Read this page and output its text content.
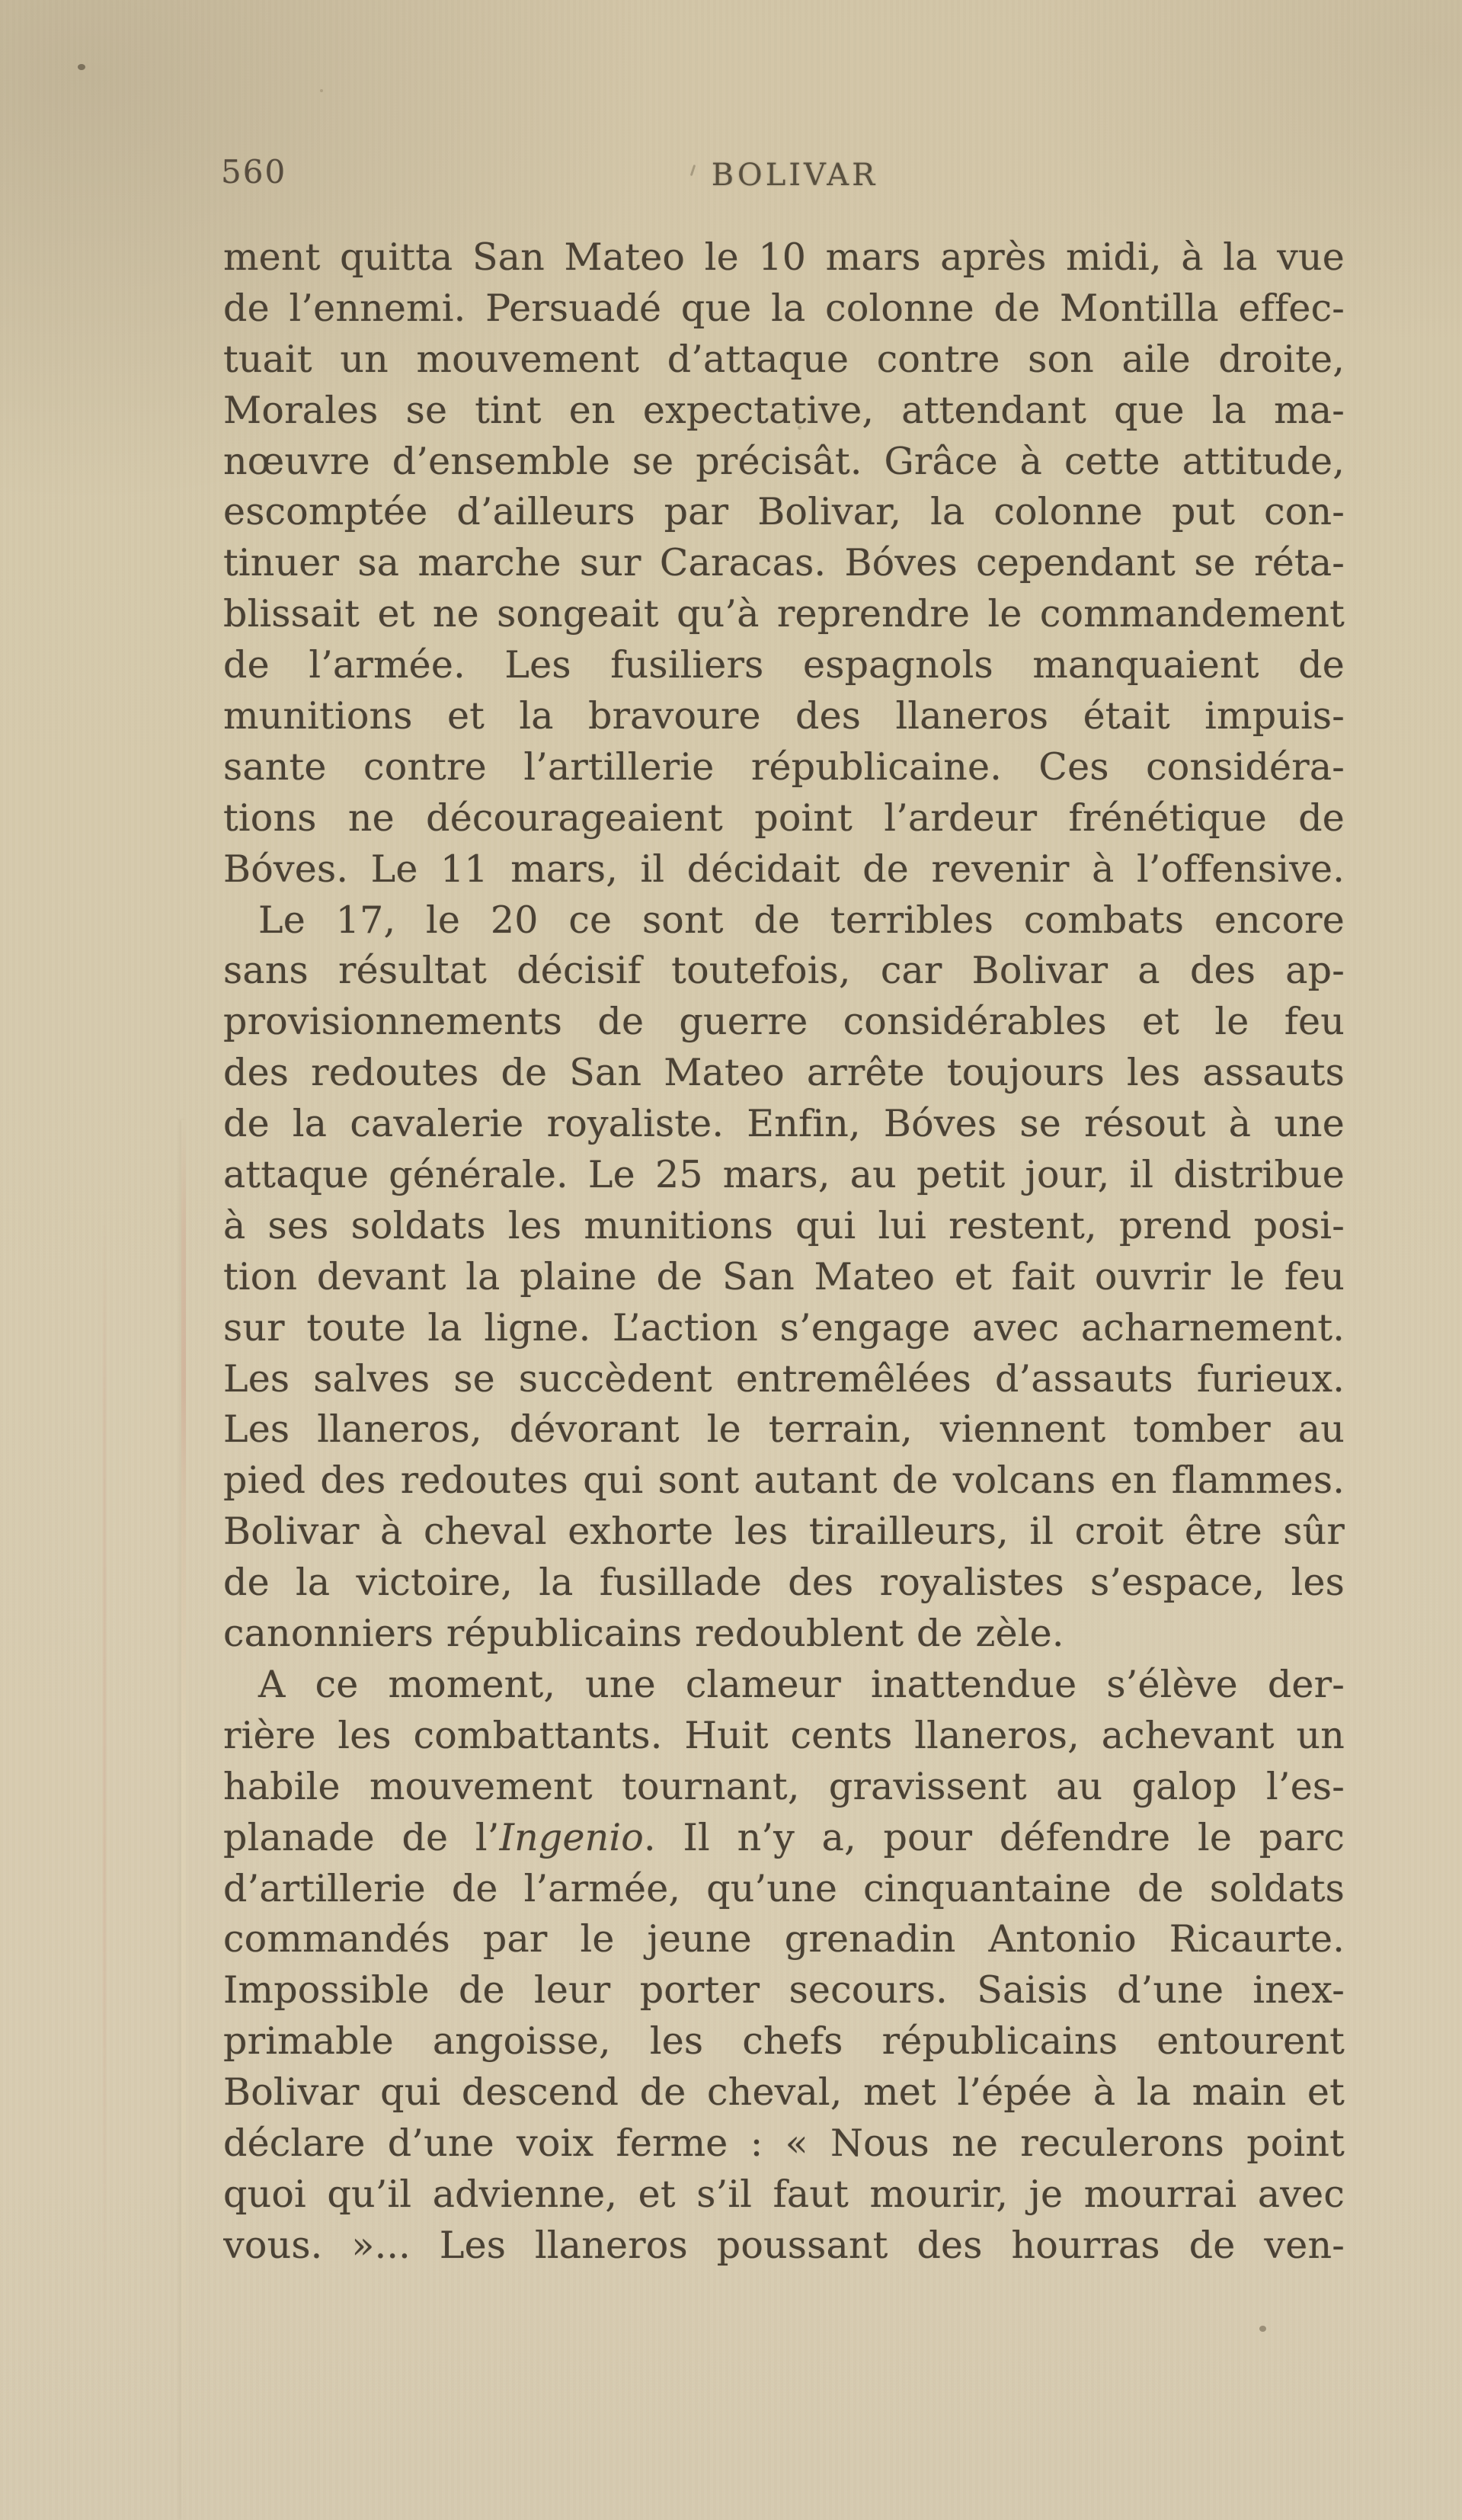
560	BOLIVAR
ment quitta San Mateo le 10 mars après midi, à la vue
de l’ennemi. Persuadé que la colonne de Montilla effec-
tuait un mouvement d’attaque contre son aile droite,
Morales se tint en expectative, attendant que la ma-
nœuvre d’ensemble se précisât. Grâce à cette attitude,
escomptée d’ailleurs par Bolivar, la colonne put con-
tinuer sa marche sur Caracas. Bóves cependant se réta-
blissait et ne songeait qu’à reprendre le commandement
de l’armée. Les fusiliers espagnols manquaient de
munitions et la bravoure des llaneros était impuis-
sante contre l’artillerie républicaine. Ces considéra-
tions ne décourageaient point l’ardeur frénétique de
Bóves. Le 11 mars, il décidait de revenir à l’offensive.
Le 17, le 20 ce sont de terribles combats encore
sans résultat décisif toutefois, car Bolivar a des ap-
provisionnements de guerre considérables et le feu
des redoutes de San Mateo arrête toujours les assauts
de la cavalerie royaliste. Enfin, Bóves se résout à une
attaque générale. Le 25 mars, au petit jour, il distribue
à ses soldats les munitions qui lui restent, prend posi-
tion devant la plaine de San Mateo et fait ouvrir le feu
sur toute la ligne. L’action s’engage avec acharnement.
Les salves se succèdent entremêlées d’assauts furieux.
Les llaneros, dévorant le terrain, viennent tomber au
pied des redoutes qui sont autant de volcans en flammes.
Bolivar à cheval exhorte les tirailleurs, il croit être sûr
de la victoire, la fusillade des royalistes s’espace, les
canonniers républicains redoublent de zèle.
A ce moment, une clameur inattendue s’élève der-
rière les combattants. Huit cents llaneros, achevant un
habile mouvement tournant, gravissent au galop l’es-
planade de l’Ingenio. Il n’y a, pour défendre le parc
d’artillerie de l’armée, qu’une cinquantaine de soldats
commandés par le jeune grenadin Antonio Ricaurte.
Impossible de leur porter secours. Saisis d’une inex-
primable angoisse, les chefs républicains entourent
Bolivar qui descend de cheval, met l’épée à la main et
déclare d’une voix ferme : « Nous ne reculerons point
quoi qu’il advienne, et s’il faut mourir, je mourrai avec
vous. »... Les llaneros poussant des hourras de ven-
